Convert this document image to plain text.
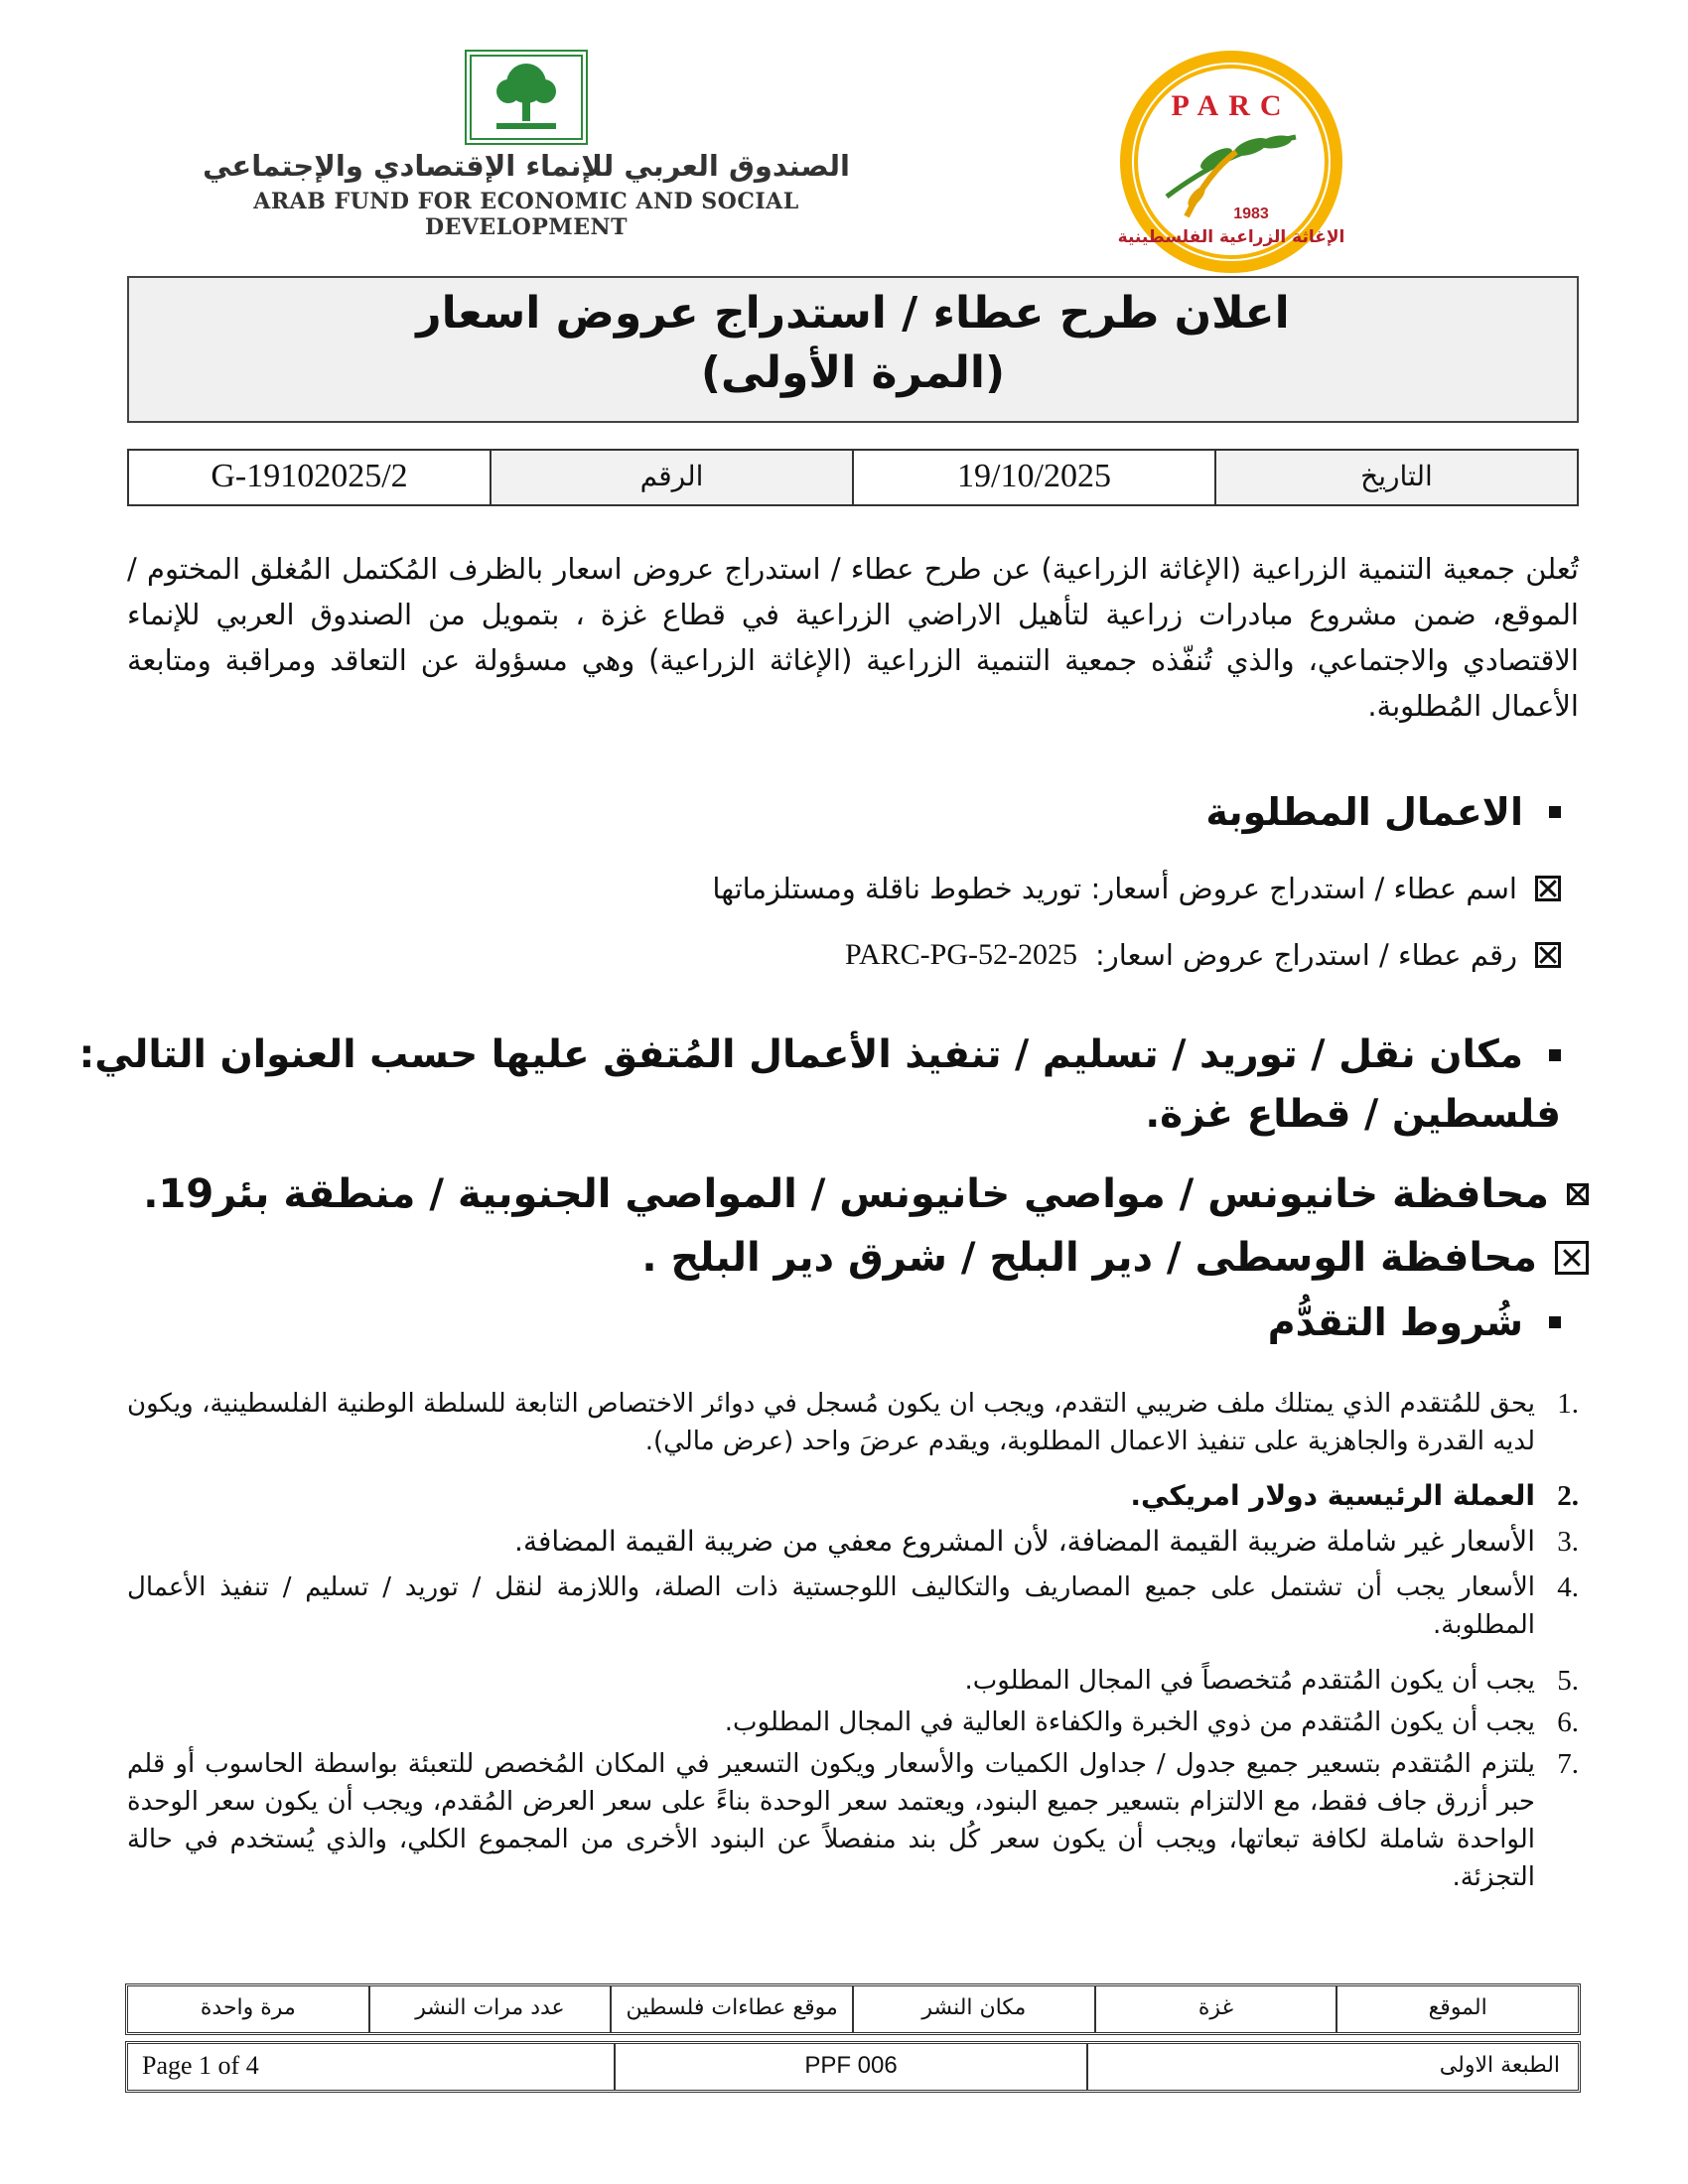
الصندوق العربي للإنماء الإقتصادي والإجتماعي
ARAB FUND FOR ECONOMIC AND SOCIAL DEVELOPMENT
PARC
1983
الإغاثة الزراعية الفلسطينية
اعلان طرح عطاء / استدراج عروض اسعار
(المرة الأولى)
التاريخ
19/10/2025
الرقم
G-19102025/2
تُعلن جمعية التنمية الزراعية (الإغاثة الزراعية) عن طرح عطاء / استدراج عروض اسعار بالظرف المُكتمل المُغلق المختوم / الموقع، ضمن مشروع مبادرات زراعية لتأهيل الاراضي الزراعية في قطاع غزة ، بتمويل من الصندوق العربي للإنماء الاقتصادي والاجتماعي، والذي تُنفّذه جمعية التنمية الزراعية (الإغاثة الزراعية) وهي مسؤولة عن التعاقد ومراقبة ومتابعة الأعمال المُطلوبة.
الاعمال المطلوبة
اسم عطاء / استدراج عروض أسعار: توريد خطوط ناقلة ومستلزماتها
رقم عطاء / استدراج عروض اسعار:
PARC-PG-52-2025
مكان نقل / توريد / تسليم / تنفيذ الأعمال المُتفق عليها حسب العنوان التالي:
فلسطين / قطاع غزة.
محافظة خانيونس / مواصي خانيونس / المواصي الجنوبية / منطقة بئر19.
محافظة الوسطى / دير البلح / شرق دير البلح .
شُروط التقدُّم
1.
يحق للمُتقدم الذي يمتلك ملف ضريبي التقدم، ويجب ان يكون مُسجل في دوائر الاختصاص التابعة للسلطة الوطنية الفلسطينية، ويكون لديه القدرة والجاهزية على تنفيذ الاعمال المطلوبة، ويقدم عرضَ واحد (عرض مالي).
2.
العملة الرئيسية دولار امريكي.
3.
الأسعار غير شاملة ضريبة القيمة المضافة، لأن المشروع معفي من ضريبة القيمة المضافة.
4.
الأسعار يجب أن تشتمل على جميع المصاريف والتكاليف اللوجستية ذات الصلة، واللازمة لنقل / توريد / تسليم / تنفيذ الأعمال المطلوبة.
5.
يجب أن يكون المُتقدم مُتخصصاً في المجال المطلوب.
6.
يجب أن يكون المُتقدم من ذوي الخبرة والكفاءة العالية في المجال المطلوب.
7.
يلتزم المُتقدم بتسعير جميع جدول / جداول الكميات والأسعار ويكون التسعير في المكان المُخصص للتعبئة بواسطة الحاسوب أو قلم حبر أزرق جاف فقط، مع الالتزام بتسعير جميع البنود، ويعتمد سعر الوحدة بناءً على سعر العرض المُقدم، ويجب أن يكون سعر الوحدة الواحدة شاملة لكافة تبعاتها، ويجب أن يكون سعر كُل بند منفصلاً عن البنود الأخرى من المجموع الكلي، والذي يُستخدم في حالة التجزئة.
الموقع
غزة
مكان النشر
موقع عطاءات فلسطين
عدد مرات النشر
مرة واحدة
Page 1 of 4	PPF 006	الطبعة الاولى
